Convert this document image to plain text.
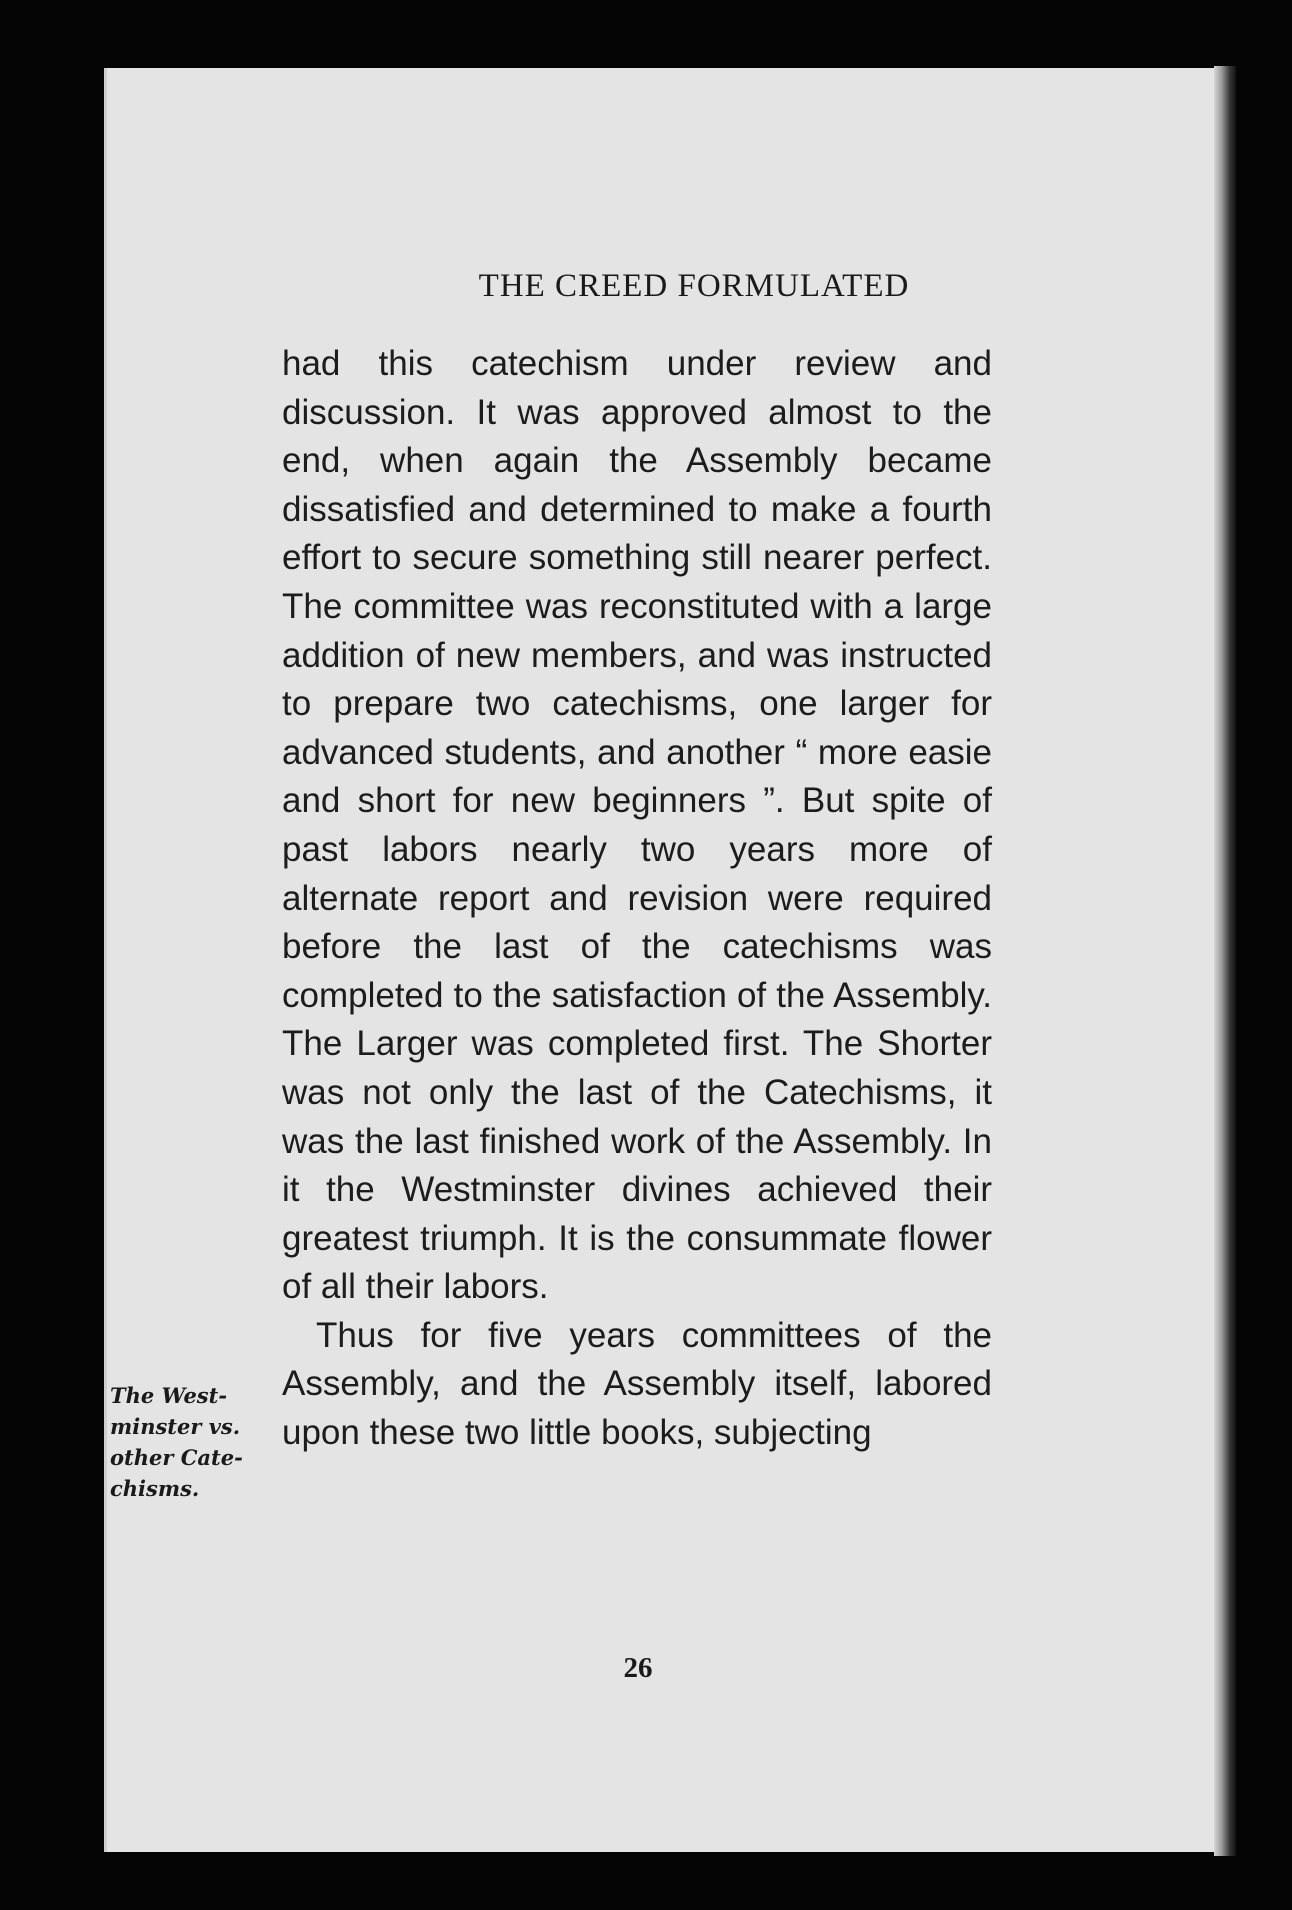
THE CREED FORMULATED

had this catechism under review and discussion. It was approved almost to the end, when again the Assembly became dissatisfied and determined to make a fourth effort to secure something still nearer perfect. The committee was reconstituted with a large addition of new members, and was instructed to prepare two catechisms, one larger for advanced students, and another “ more easie and short for new beginners ”. But spite of past labors nearly two years more of alternate report and revision were required before the last of the catechisms was completed to the satisfaction of the Assembly. The Larger was completed first. The Shorter was not only the last of the Catechisms, it was the last finished work of the Assembly. In it the Westminster divines achieved their greatest triumph. It is the consummate flower of all their labors.

Thus for five years committees of the Assembly, and the Assembly itself, labored upon these two little books, subjecting

The West-
minster vs.
other Cate-
chisms.
26
